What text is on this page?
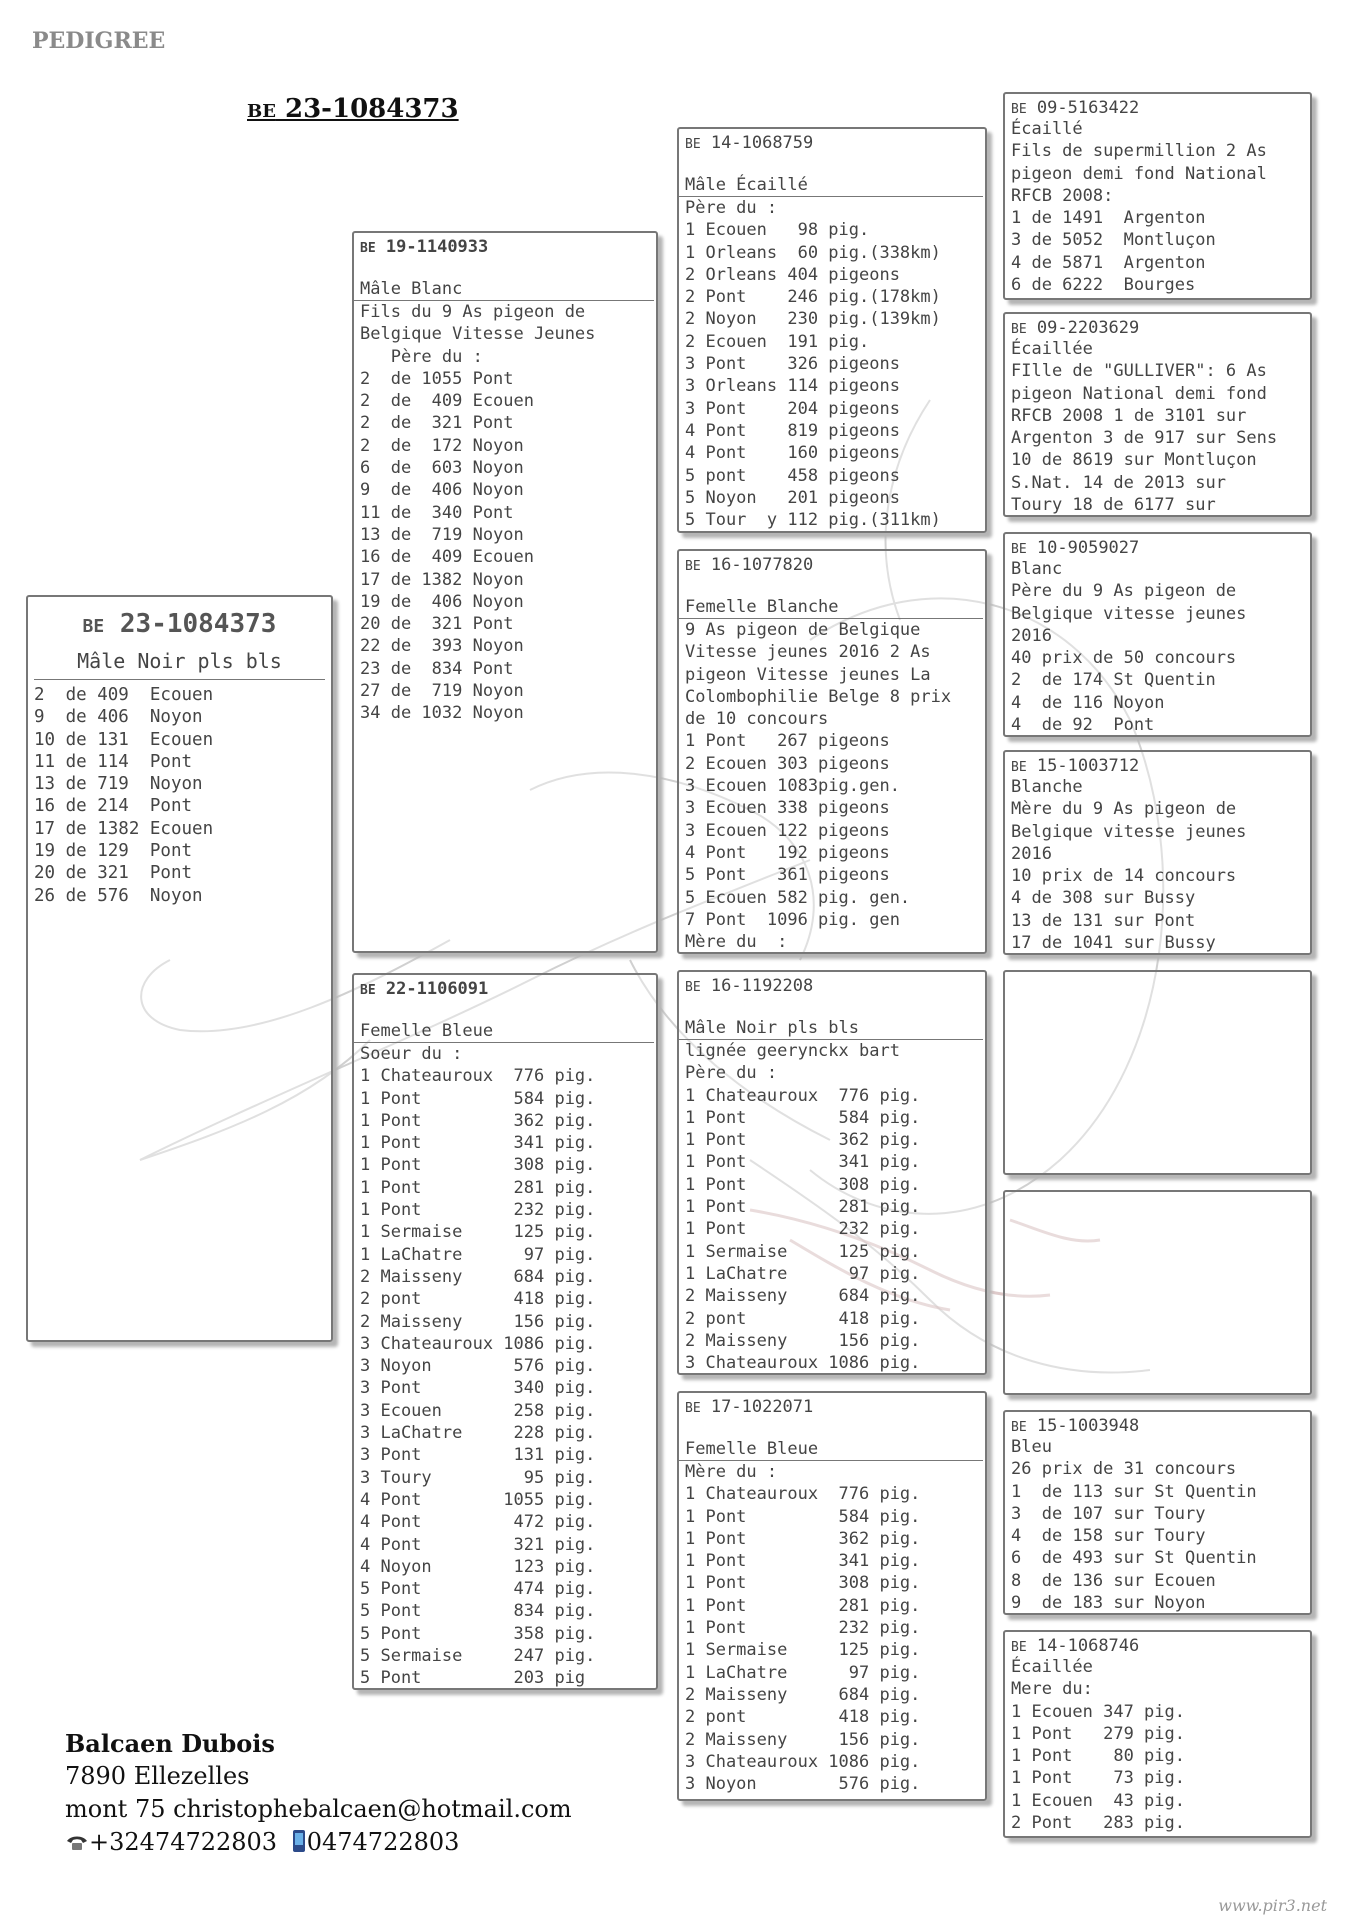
PEDIGREE
BE 23-1084373
BE 23-1084373
Mâle Noir pls bls
2  de 409  Ecouen
9  de 406  Noyon
10 de 131  Ecouen
11 de 114  Pont
13 de 719  Noyon
16 de 214  Pont
17 de 1382 Ecouen
19 de 129  Pont
20 de 321  Pont
26 de 576  Noyon
BE 19-1140933
Mâle Blanc
Fils du 9 As pigeon de
Belgique Vitesse Jeunes
Père du :
2  de 1055 Pont
2  de  409 Ecouen
2  de  321 Pont
2  de  172 Noyon
6  de  603 Noyon
9  de  406 Noyon
11 de  340 Pont
13 de  719 Noyon
16 de  409 Ecouen
17 de 1382 Noyon
19 de  406 Noyon
20 de  321 Pont
22 de  393 Noyon
23 de  834 Pont
27 de  719 Noyon
34 de 1032 Noyon
BE 22-1106091
Femelle Bleue
Soeur du :
1 Chateauroux  776 pig.
1 Pont         584 pig.
1 Pont         362 pig.
1 Pont         341 pig.
1 Pont         308 pig.
1 Pont         281 pig.
1 Pont         232 pig.
1 Sermaise     125 pig.
1 LaChatre      97 pig.
2 Maisseny     684 pig.
2 pont         418 pig.
2 Maisseny     156 pig.
3 Chateauroux 1086 pig.
3 Noyon        576 pig.
3 Pont         340 pig.
3 Ecouen       258 pig.
3 LaChatre     228 pig.
3 Pont         131 pig.
3 Toury         95 pig.
4 Pont        1055 pig.
4 Pont         472 pig.
4 Pont         321 pig.
4 Noyon        123 pig.
5 Pont         474 pig.
5 Pont         834 pig.
5 Pont         358 pig.
5 Sermaise     247 pig.
5 Pont         203 pig
BE 14-1068759
Mâle Écaillé
Père du :
1 Ecouen   98 pig.
1 Orleans  60 pig.(338km)
2 Orleans 404 pigeons
2 Pont    246 pig.(178km)
2 Noyon   230 pig.(139km)
2 Ecouen  191 pig.
3 Pont    326 pigeons
3 Orleans 114 pigeons
3 Pont    204 pigeons
4 Pont    819 pigeons
4 Pont    160 pigeons
5 pont    458 pigeons
5 Noyon   201 pigeons
5 Tour  y 112 pig.(311km)
BE 16-1077820
Femelle Blanche
9 As pigeon de Belgique
Vitesse jeunes 2016 2 As
pigeon Vitesse jeunes La
Colombophilie Belge 8 prix
de 10 concours
1 Pont   267 pigeons
2 Ecouen 303 pigeons
3 Ecouen 1083pig.gen.
3 Ecouen 338 pigeons
3 Ecouen 122 pigeons
4 Pont   192 pigeons
5 Pont   361 pigeons
5 Ecouen 582 pig. gen.
7 Pont  1096 pig. gen
Mère du  :
BE 16-1192208
Mâle Noir pls bls
lignée geerynckx bart
Père du :
1 Chateauroux  776 pig.
1 Pont         584 pig.
1 Pont         362 pig.
1 Pont         341 pig.
1 Pont         308 pig.
1 Pont         281 pig.
1 Pont         232 pig.
1 Sermaise     125 pig.
1 LaChatre      97 pig.
2 Maisseny     684 pig.
2 pont         418 pig.
2 Maisseny     156 pig.
3 Chateauroux 1086 pig.
BE 17-1022071
Femelle Bleue
Mère du :
1 Chateauroux  776 pig.
1 Pont         584 pig.
1 Pont         362 pig.
1 Pont         341 pig.
1 Pont         308 pig.
1 Pont         281 pig.
1 Pont         232 pig.
1 Sermaise     125 pig.
1 LaChatre      97 pig.
2 Maisseny     684 pig.
2 pont         418 pig.
2 Maisseny     156 pig.
3 Chateauroux 1086 pig.
3 Noyon        576 pig.
BE 09-5163422
Écaillé
Fils de supermillion 2 As
pigeon demi fond National
RFCB 2008:
1 de 1491  Argenton
3 de 5052  Montluçon
4 de 5871  Argenton
6 de 6222  Bourges
BE 09-2203629
Écaillée
FIlle de "GULLIVER": 6 As
pigeon National demi fond
RFCB 2008 1 de 3101 sur
Argenton 3 de 917 sur Sens
10 de 8619 sur Montluçon
S.Nat. 14 de 2013 sur
Toury 18 de 6177 sur
BE 10-9059027
Blanc
Père du 9 As pigeon de
Belgique vitesse jeunes
2016
40 prix de 50 concours
2  de 174 St Quentin
4  de 116 Noyon
4  de 92  Pont
BE 15-1003712
Blanche
Mère du 9 As pigeon de
Belgique vitesse jeunes
2016
10 prix de 14 concours
4 de 308 sur Bussy
13 de 131 sur Pont
17 de 1041 sur Bussy
BE 15-1003948
Bleu
26 prix de 31 concours
1  de 113 sur St Quentin
3  de 107 sur Toury
4  de 158 sur Toury
6  de 493 sur St Quentin
8  de 136 sur Ecouen
9  de 183 sur Noyon
BE 14-1068746
Écaillée
Mere du:
1 Ecouen 347 pig.
1 Pont   279 pig.
1 Pont    80 pig.
1 Pont    73 pig.
1 Ecouen  43 pig.
2 Pont   283 pig.
Balcaen Dubois
7890 Ellezelles
mont 75 christophebalcaen@hotmail.com
+32474722803 0474722803
www.pir3.net
